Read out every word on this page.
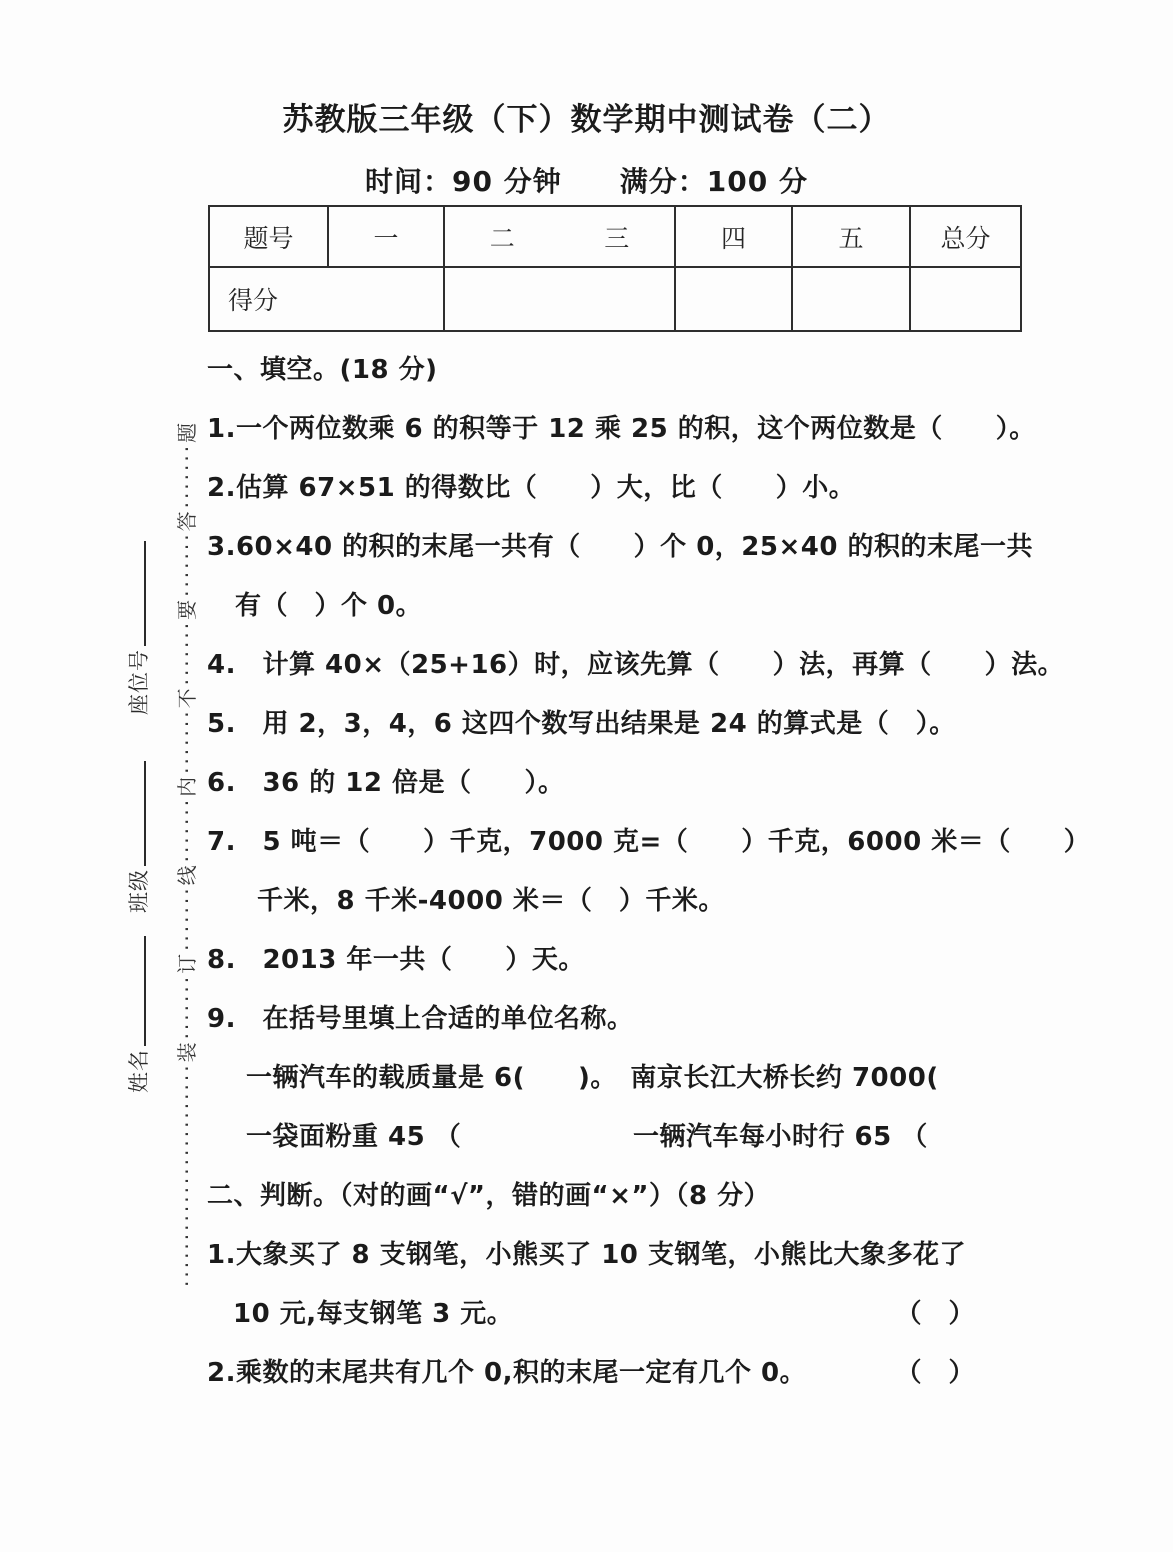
座位号
班级
姓名 ························装·······订·······线·······内·······不·······要·······答·······题
苏教版三年级（下）数学期中测试卷（二）
时间：90 分钟　　满分：100 分
题号	一	二 三	四	五	总分
得分					
一、填空。(18 分)
1.一个两位数乘 6 的积等于 12 乘 25 的积，这个两位数是（　　）。
2.估算 67×51 的得数比（　　）大，比（　　）小。
3.60×40 的积的末尾一共有（　　）个 0，25×40 的积的末尾一共
有（　）个 0。
4.　计算 40×（25+16）时，应该先算（　　）法，再算（　　）法。
5.　用 2，3，4，6 这四个数写出结果是 24 的算式是（　）。
6.　36 的 12 倍是（　　）。
7.　5 吨＝（　　）千克，7000 克=（　　）千克，6000 米＝（　　）
千米，8 千米-4000 米＝（　）千米。
8.　2013 年一共（　　）天。
9.　在括号里填上合适的单位名称。
一辆汽车的载质量是 6(　　)。　南京长江大桥长约 7000(
一袋面粉重 45 （	一辆汽车每小时行 65 （
二、判断。（对的画“√”，错的画“×”）（8 分）
1.大象买了 8 支钢笔，小熊买了 10 支钢笔，小熊比大象多花了
10 元,每支钢笔 3 元。	（　）
2.乘数的末尾共有几个 0,积的末尾一定有几个 0。	（　）
